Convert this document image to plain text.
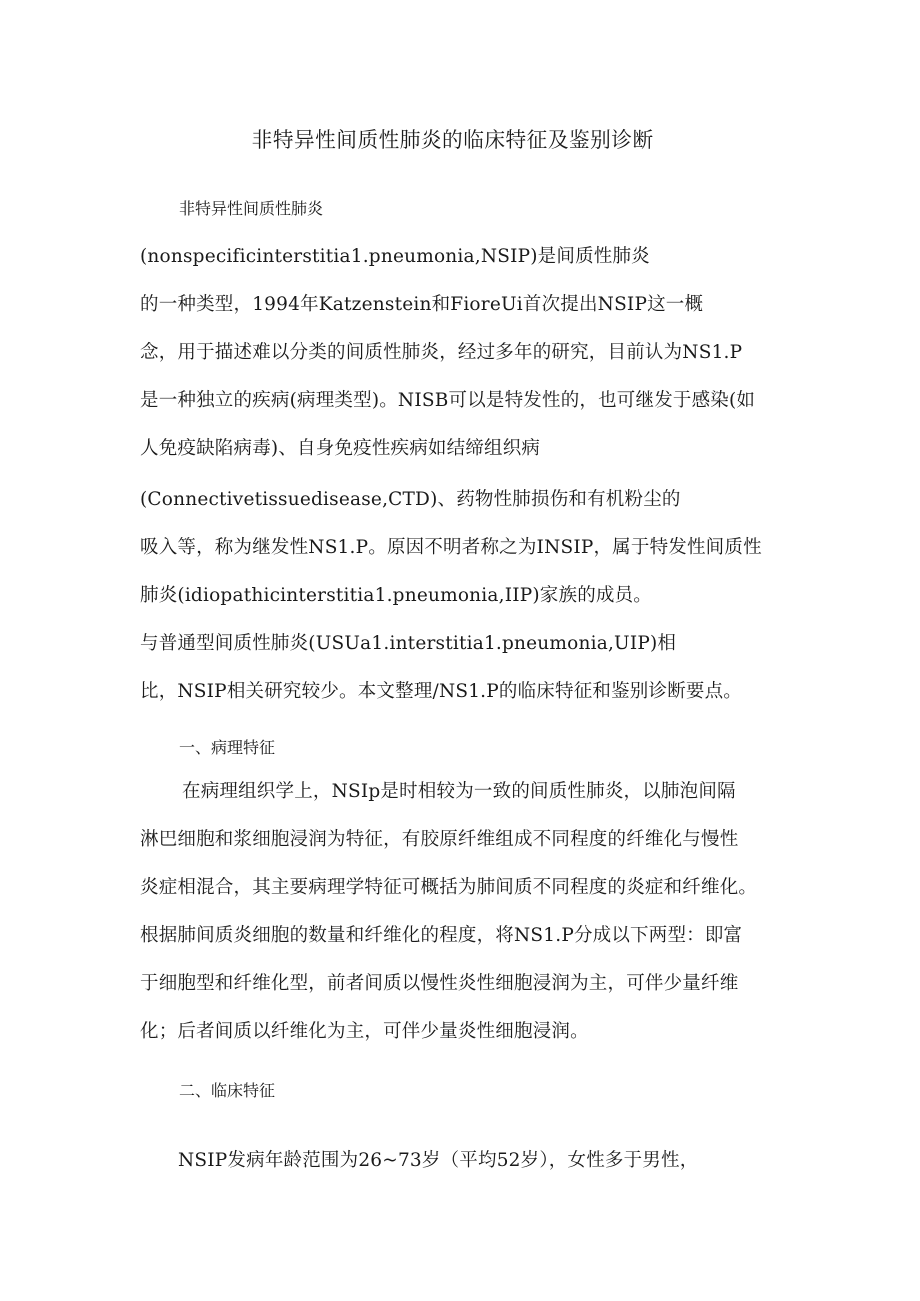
非特异性间质性肺炎的临床特征及鉴别诊断

非特异性间质性肺炎

(nonspecificinterstitia1.pneumonia,NSIP)是间质性肺炎

的一种类型，1994年Katzenstein和FioreUi首次提出NSIP这一概

念，用于描述难以分类的间质性肺炎，经过多年的研究，目前认为NS1.P

是一种独立的疾病(病理类型)。NISB可以是特发性的，也可继发于感染(如

人免疫缺陷病毒)、自身免疫性疾病如结缔组织病

(Connectivetissuedisease,CTD)、药物性肺损伤和有机粉尘的

吸入等，称为继发性NS1.P。原因不明者称之为INSIP，属于特发性间质性

肺炎(idiopathicinterstitia1.pneumonia,IIP)家族的成员。

与普通型间质性肺炎(USUa1.interstitia1.pneumonia,UIP)相

比，NSIP相关研究较少。本文整理/NS1.P的临床特征和鉴别诊断要点。

一、病理特征

在病理组织学上，NSIp是时相较为一致的间质性肺炎，以肺泡间隔

淋巴细胞和浆细胞浸润为特征，有胶原纤维组成不同程度的纤维化与慢性

炎症相混合，其主要病理学特征可概括为肺间质不同程度的炎症和纤维化。

根据肺间质炎细胞的数量和纤维化的程度，将NS1.P分成以下两型：即富

于细胞型和纤维化型，前者间质以慢性炎性细胞浸润为主，可伴少量纤维

化；后者间质以纤维化为主，可伴少量炎性细胞浸润。

二、临床特征

NSIP发病年龄范围为26~73岁（平均52岁），女性多于男性，
